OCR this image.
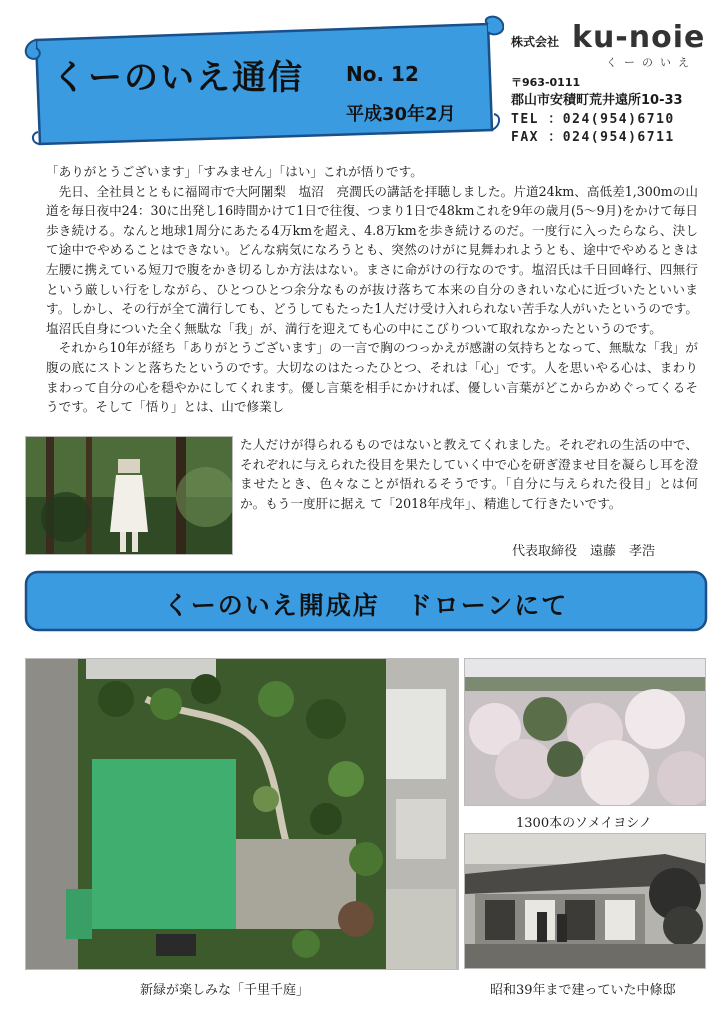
くーのいえ通信 No. 12
平成30年2月
株式会社 ku-noie
くーのいえ
〒963-0111
郡山市安積町荒井遠所10-33
TEL ：024(954)6710
FAX ：024(954)6711

「ありがとうございます」「すみません」「はい」これが悟りです。

先日、全社員とともに福岡市で大阿闍梨　塩沼　亮潤氏の講話を拝聴しました。片道24km、高低差1,300mの山道を毎日夜中24：30に出発し16時間かけて1日で往復、つまり1日で48kmこれを9年の歳月(5～9月)をかけて毎日歩き続ける。なんと地球1周分にあたる4万kmを超え、4.8万kmを歩き続けるのだ。一度行に入ったらなら、決して途中でやめることはできない。どんな病気になろうとも、突然のけがに見舞われようとも、途中でやめるときは左腰に携えている短刀で腹をかき切るしか方法はない。まさに命がけの行なのです。塩沼氏は千日回峰行、四無行という厳しい行をしながら、ひとつひとつ余分なものが抜け落ちて本来の自分のきれいな心に近づいたといいます。しかし、その行が全て満行しても、どうしてもたった1人だけ受け入れられない苦手な人がいたというのです。塩沼氏自身についた全く無駄な「我」が、満行を迎えても心の中にこびりついて取れなかったというのです。

それから10年が経ち「ありがとうございます」の一言で胸のつっかえが感謝の気持ちとなって、無駄な「我」が腹の底にストンと落ちたというのです。大切なのはたったひとつ、それは「心」です。人を思いやる心は、まわりまわって自分の心を穏やかにしてくれます。優し言葉を相手にかければ、優しい言葉がどこからかめぐってくるそうです。そして「悟り」とは、山で修業し

た人だけが得られるものではないと教えてくれました。それぞれの生活の中で、それぞれに与えられた役目を果たしていく中で心を研ぎ澄ませ目を凝らし耳を澄ませたとき、色々なことが悟れるそうです。「自分に与えられた役目」とは何か。もう一度肝に据え て「2018年戌年」、精進して行きたいです。
代表取締役　遠藤　孝浩
くーのいえ開成店　ドローンにて
1300本のソメイヨシノ
新緑が楽しみな「千里千庭」	昭和39年まで建っていた中條邸
